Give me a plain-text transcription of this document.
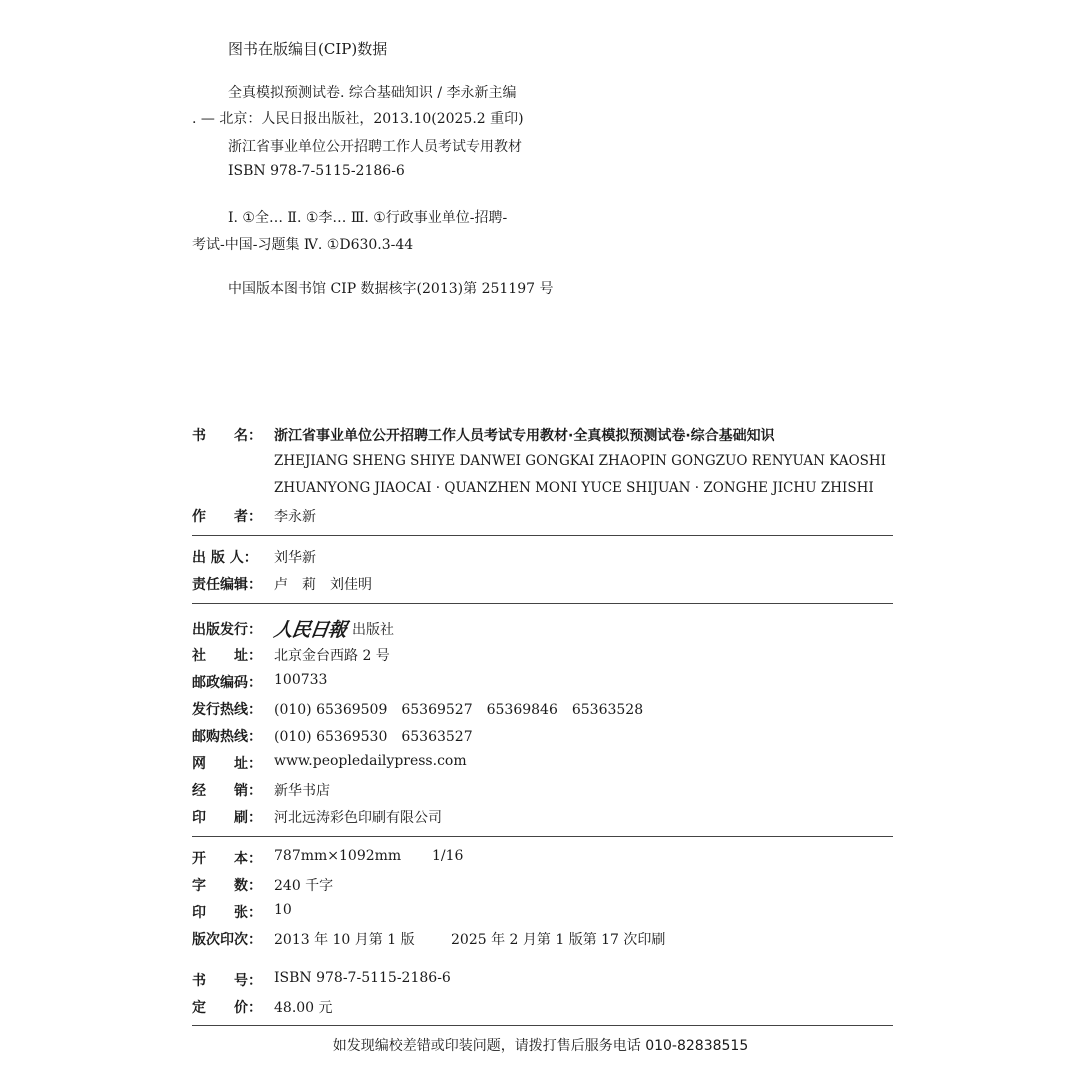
图书在版编目(CIP)数据
全真模拟预测试卷. 综合基础知识 / 李永新主编
. — 北京：人民日报出版社，2013.10(2025.2 重印)
浙江省事业单位公开招聘工作人员考试专用教材
ISBN 978-7-5115-2186-6
Ⅰ. ①全… Ⅱ. ①李… Ⅲ. ①行政事业单位-招聘-
考试-中国-习题集 Ⅳ. ①D630.3-44
中国版本图书馆 CIP 数据核字(2013)第 251197 号
书　　名： 浙江省事业单位公开招聘工作人员考试专用教材·全真模拟预测试卷·综合基础知识
ZHEJIANG SHENG SHIYE DANWEI GONGKAI ZHAOPIN GONGZUO RENYUAN KAOSHI
ZHUANYONG JIAOCAI · QUANZHEN MONI YUCE SHIJUAN · ZONGHE JICHU ZHISHI
作　　者： 李永新
出 版 人：	刘华新
责任编辑： 卢　莉　刘佳明
出版发行： 人民日報 出版社
社　　址： 北京金台西路 2 号
邮政编码： 100733
发行热线： (010) 65369509　65369527　65369846　65363528
邮购热线： (010) 65369530　65363527
网　　址： www.peopledailypress.com
经　　销： 新华书店
印　　刷： 河北远涛彩色印刷有限公司
开　　本： 787mm×1092mm	1/16
字　　数： 240 千字
印　　张： 10
版次印次： 2013 年 10 月第 1 版	2025 年 2 月第 1 版第 17 次印刷
书　　号： ISBN 978-7-5115-2186-6
定　　价： 48.00 元
如发现编校差错或印装问题，请拨打售后服务电话 010-82838515
